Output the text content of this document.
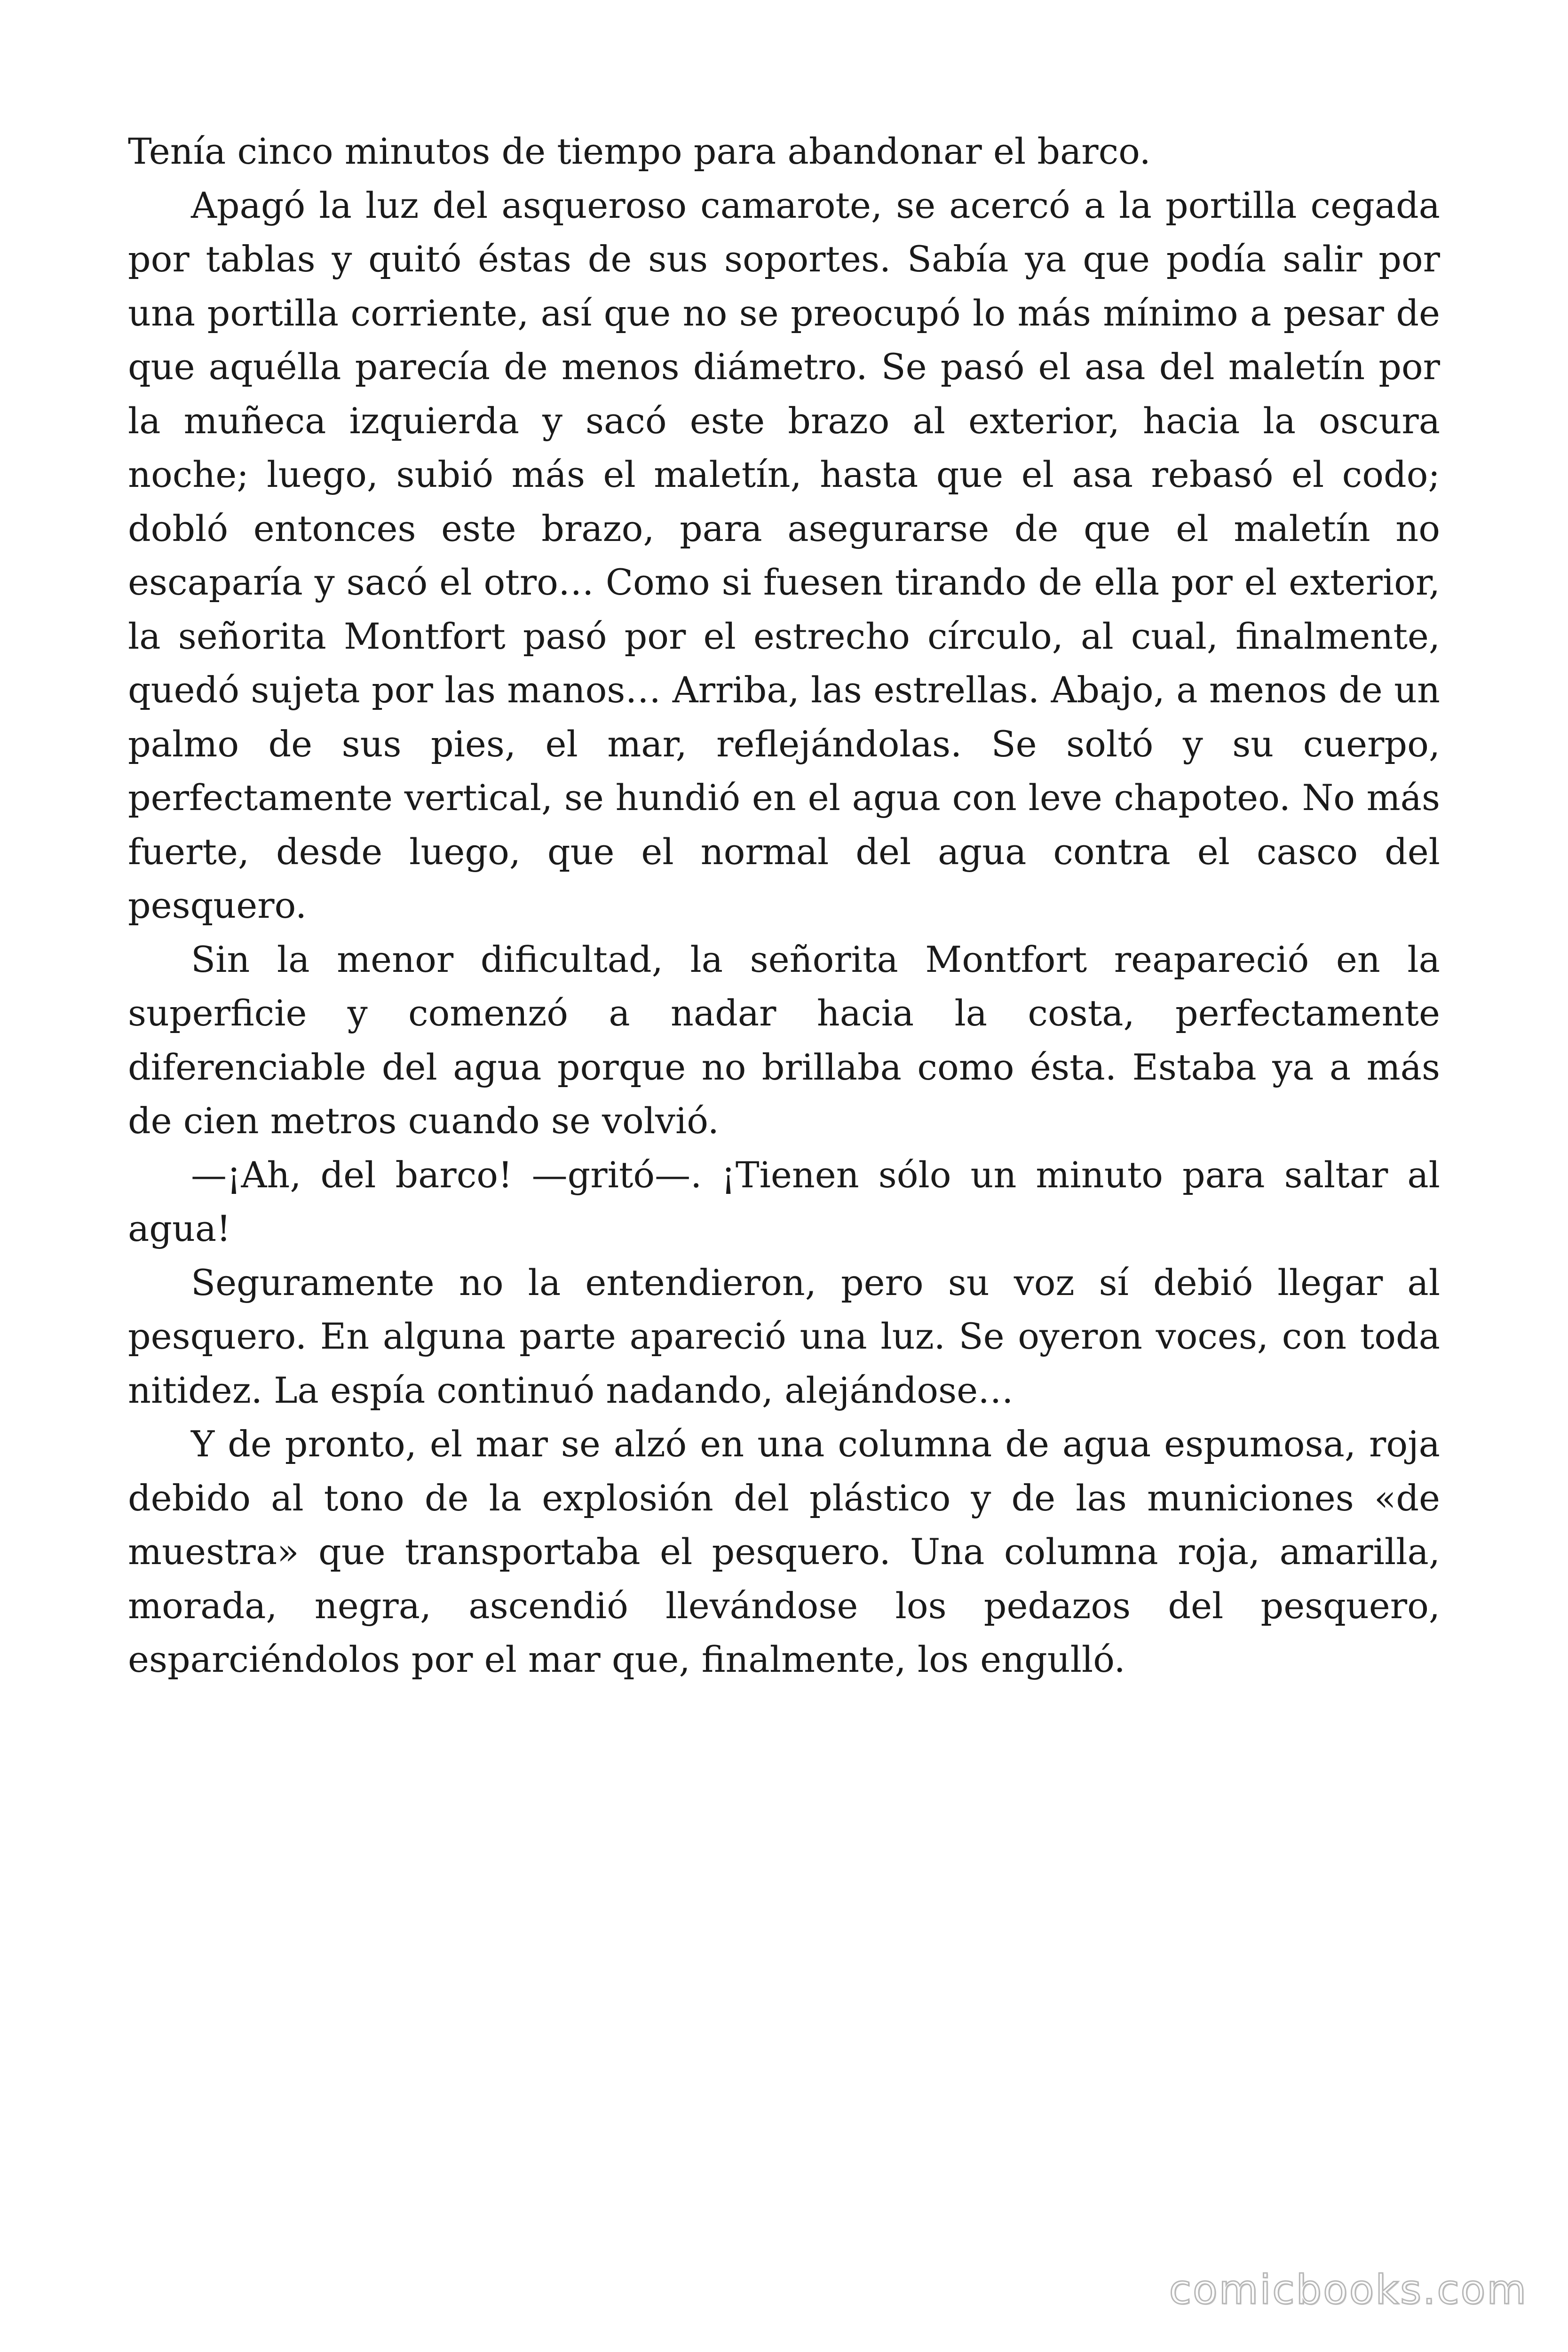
Tenía cinco minutos de tiempo para abandonar el barco.

Apagó la luz del asqueroso camarote, se acercó a la portilla cegada por tablas y quitó éstas de sus soportes. Sabía ya que podía salir por una portilla corriente, así que no se preocupó lo más mínimo a pesar de que aquélla parecía de menos diámetro. Se pasó el asa del maletín por la muñeca izquierda y sacó este brazo al exterior, hacia la oscura noche; luego, subió más el maletín, hasta que el asa rebasó el codo; dobló entonces este brazo, para asegurarse de que el maletín no escaparía y sacó el otro… Como si fuesen tirando de ella por el exterior, la señorita Montfort pasó por el estrecho círculo, al cual, finalmente, quedó sujeta por las manos… Arriba, las estrellas. Abajo, a menos de un palmo de sus pies, el mar, reflejándolas. Se soltó y su cuerpo, perfectamente vertical, se hundió en el agua con leve chapoteo. No más fuerte, desde luego, que el normal del agua contra el casco del pesquero.

Sin la menor dificultad, la señorita Montfort reapareció en la superficie y comenzó a nadar hacia la costa, perfectamente diferenciable del agua porque no brillaba como ésta. Estaba ya a más de cien metros cuando se volvió.

—¡Ah, del barco! —gritó—. ¡Tienen sólo un minuto para saltar al agua!

Seguramente no la entendieron, pero su voz sí debió llegar al pesquero. En alguna parte apareció una luz. Se oyeron voces, con toda nitidez. La espía continuó nadando, alejándose…

Y de pronto, el mar se alzó en una columna de agua espumosa, roja debido al tono de la explosión del plástico y de las municiones «de muestra» que transportaba el pesquero. Una columna roja, amarilla, morada, negra, ascendió llevándose los pedazos del pesquero, esparciéndolos por el mar que, finalmente, los engulló.

comicbooks.com
